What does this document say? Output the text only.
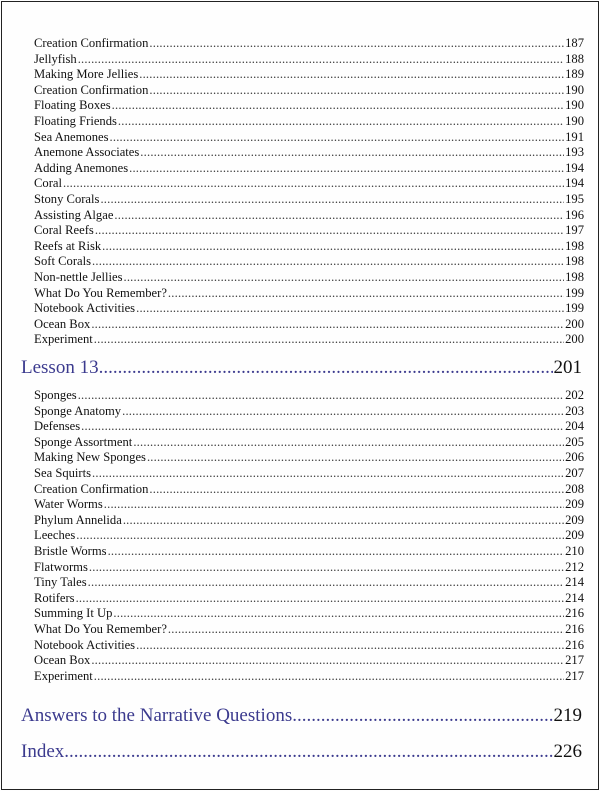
Creation Confirmation .....	187
Jellyfish .....	188
Making More Jellies .....	189
Creation Confirmation .....	190
Floating Boxes .....	190
Floating Friends .....	190
Sea Anemones .....	191
Anemone Associates .....	193
Adding Anemones .....	194
Coral .....	194
Stony Corals .....	195
Assisting Algae .....	196
Coral Reefs .....	197
Reefs at Risk .....	198
Soft Corals .....	198
Non-nettle Jellies .....	198
What Do You Remember? .....	199
Notebook Activities .....	199
Ocean Box .....	200
Experiment .....	200
Lesson 13 .....	201
Sponges .....	202
Sponge Anatomy .....	203
Defenses .....	204
Sponge Assortment .....	205
Making New Sponges .....	206
Sea Squirts .....	207
Creation Confirmation .....	208
Water Worms .....	209
Phylum Annelida .....	209
Leeches .....	209
Bristle Worms .....	210
Flatworms .....	212
Tiny Tales .....	214
Rotifers .....	214
Summing It Up .....	216
What Do You Remember? .....	216
Notebook Activities .....	216
Ocean Box .....	217
Experiment .....	217
Answers to the Narrative Questions .....	219
Index .....	226
